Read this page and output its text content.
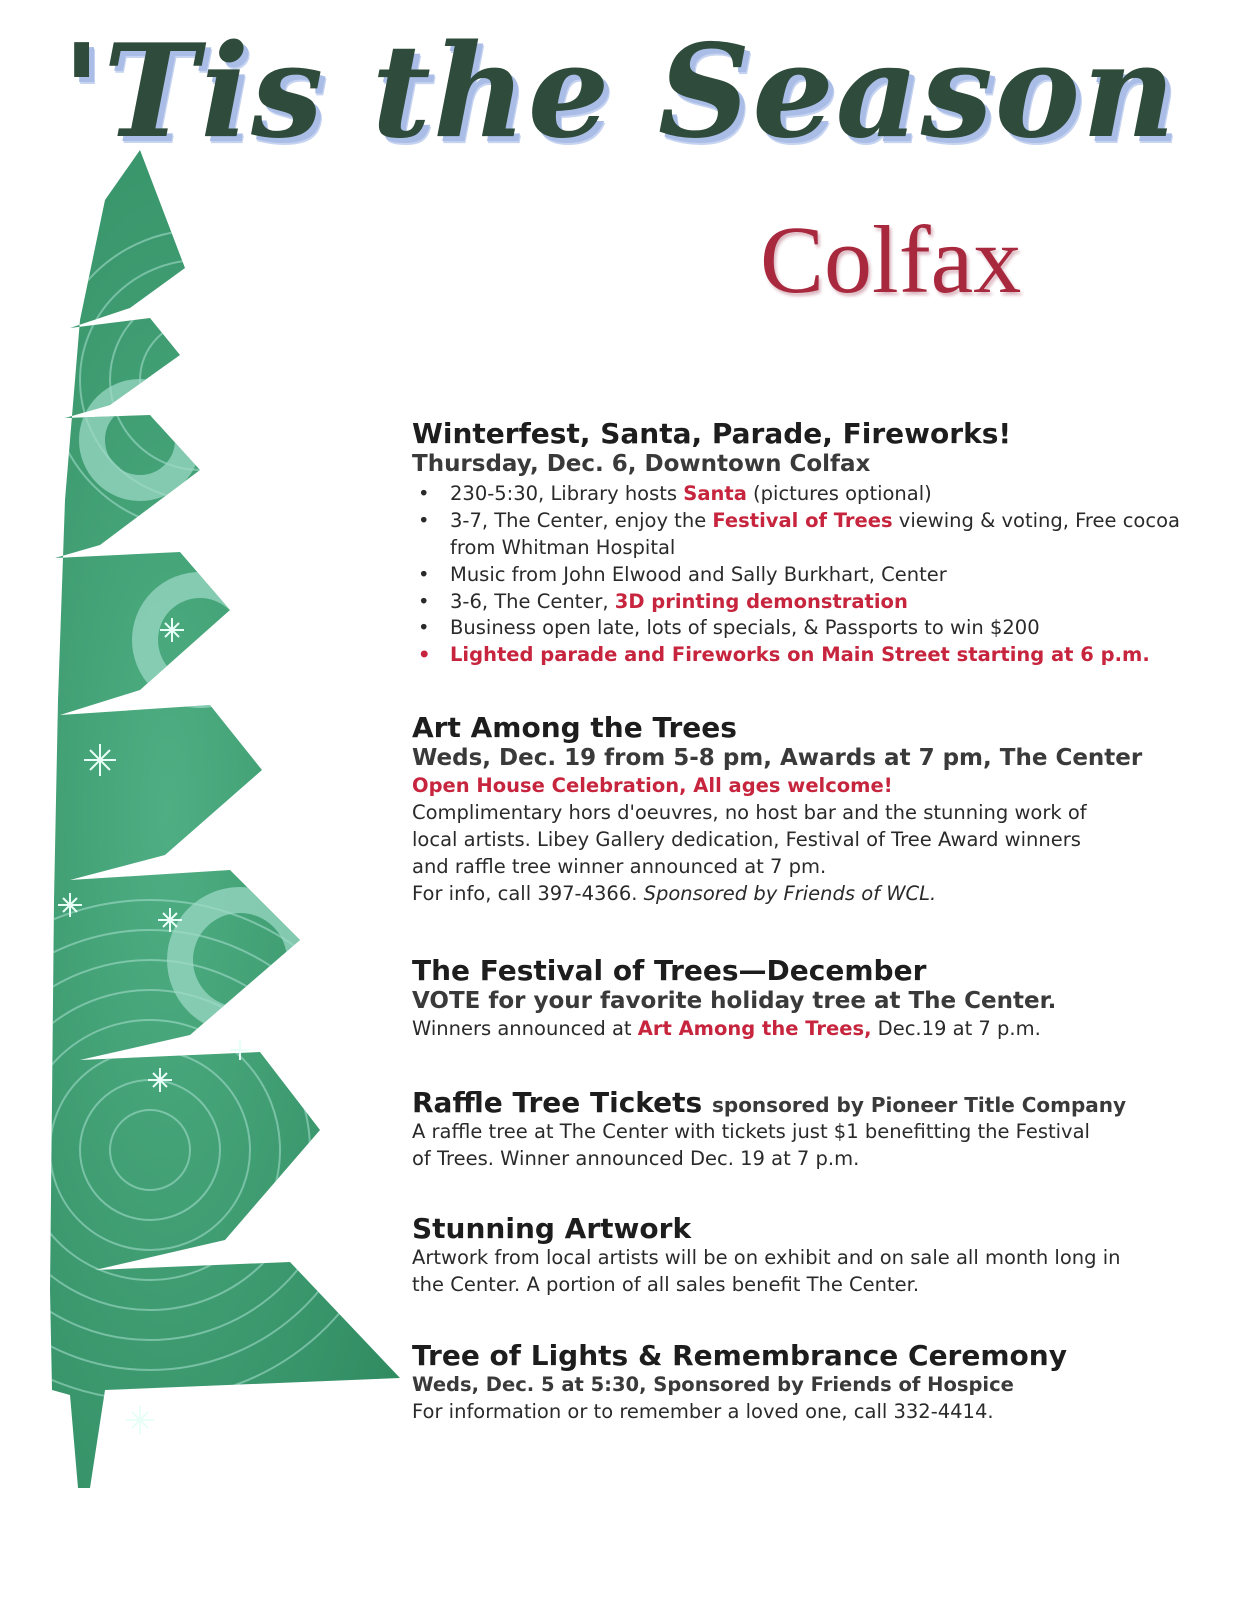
'Tis the Season
Colfax

Winterfest, Santa, Parade, Fireworks!

Thursday, Dec. 6, Downtown Colfax

• 230-5:30, Library hosts Santa (pictures optional)
• 3-7, The Center, enjoy the Festival of Trees viewing & voting, Free cocoa from Whitman Hospital
• Music from John Elwood and Sally Burkhart, Center
• 3-6, The Center, 3D printing demonstration
• Business open late, lots of specials, & Passports to win $200
• Lighted parade and Fireworks on Main Street starting at 6 p.m.

Art Among the Trees

Weds, Dec. 19 from 5-8 pm, Awards at 7 pm, The Center

Open House Celebration, All ages welcome!

Complimentary hors d'oeuvres, no host bar and the stunning work of local artists. Libey Gallery dedication, Festival of Tree Award winners and raffle tree winner announced at 7 pm.

For info, call 397-4366. Sponsored by Friends of WCL.

The Festival of Trees—December

VOTE for your favorite holiday tree at The Center.

Winners announced at Art Among the Trees, Dec.19 at 7 p.m.

Raffle Tree Tickets sponsored by Pioneer Title Company

A raffle tree at The Center with tickets just $1 benefitting the Festival of Trees. Winner announced Dec. 19 at 7 p.m.

Stunning Artwork

Artwork from local artists will be on exhibit and on sale all month long in the Center. A portion of all sales benefit The Center.

Tree of Lights & Remembrance Ceremony

Weds, Dec. 5 at 5:30, Sponsored by Friends of Hospice

For information or to remember a loved one, call 332-4414.
